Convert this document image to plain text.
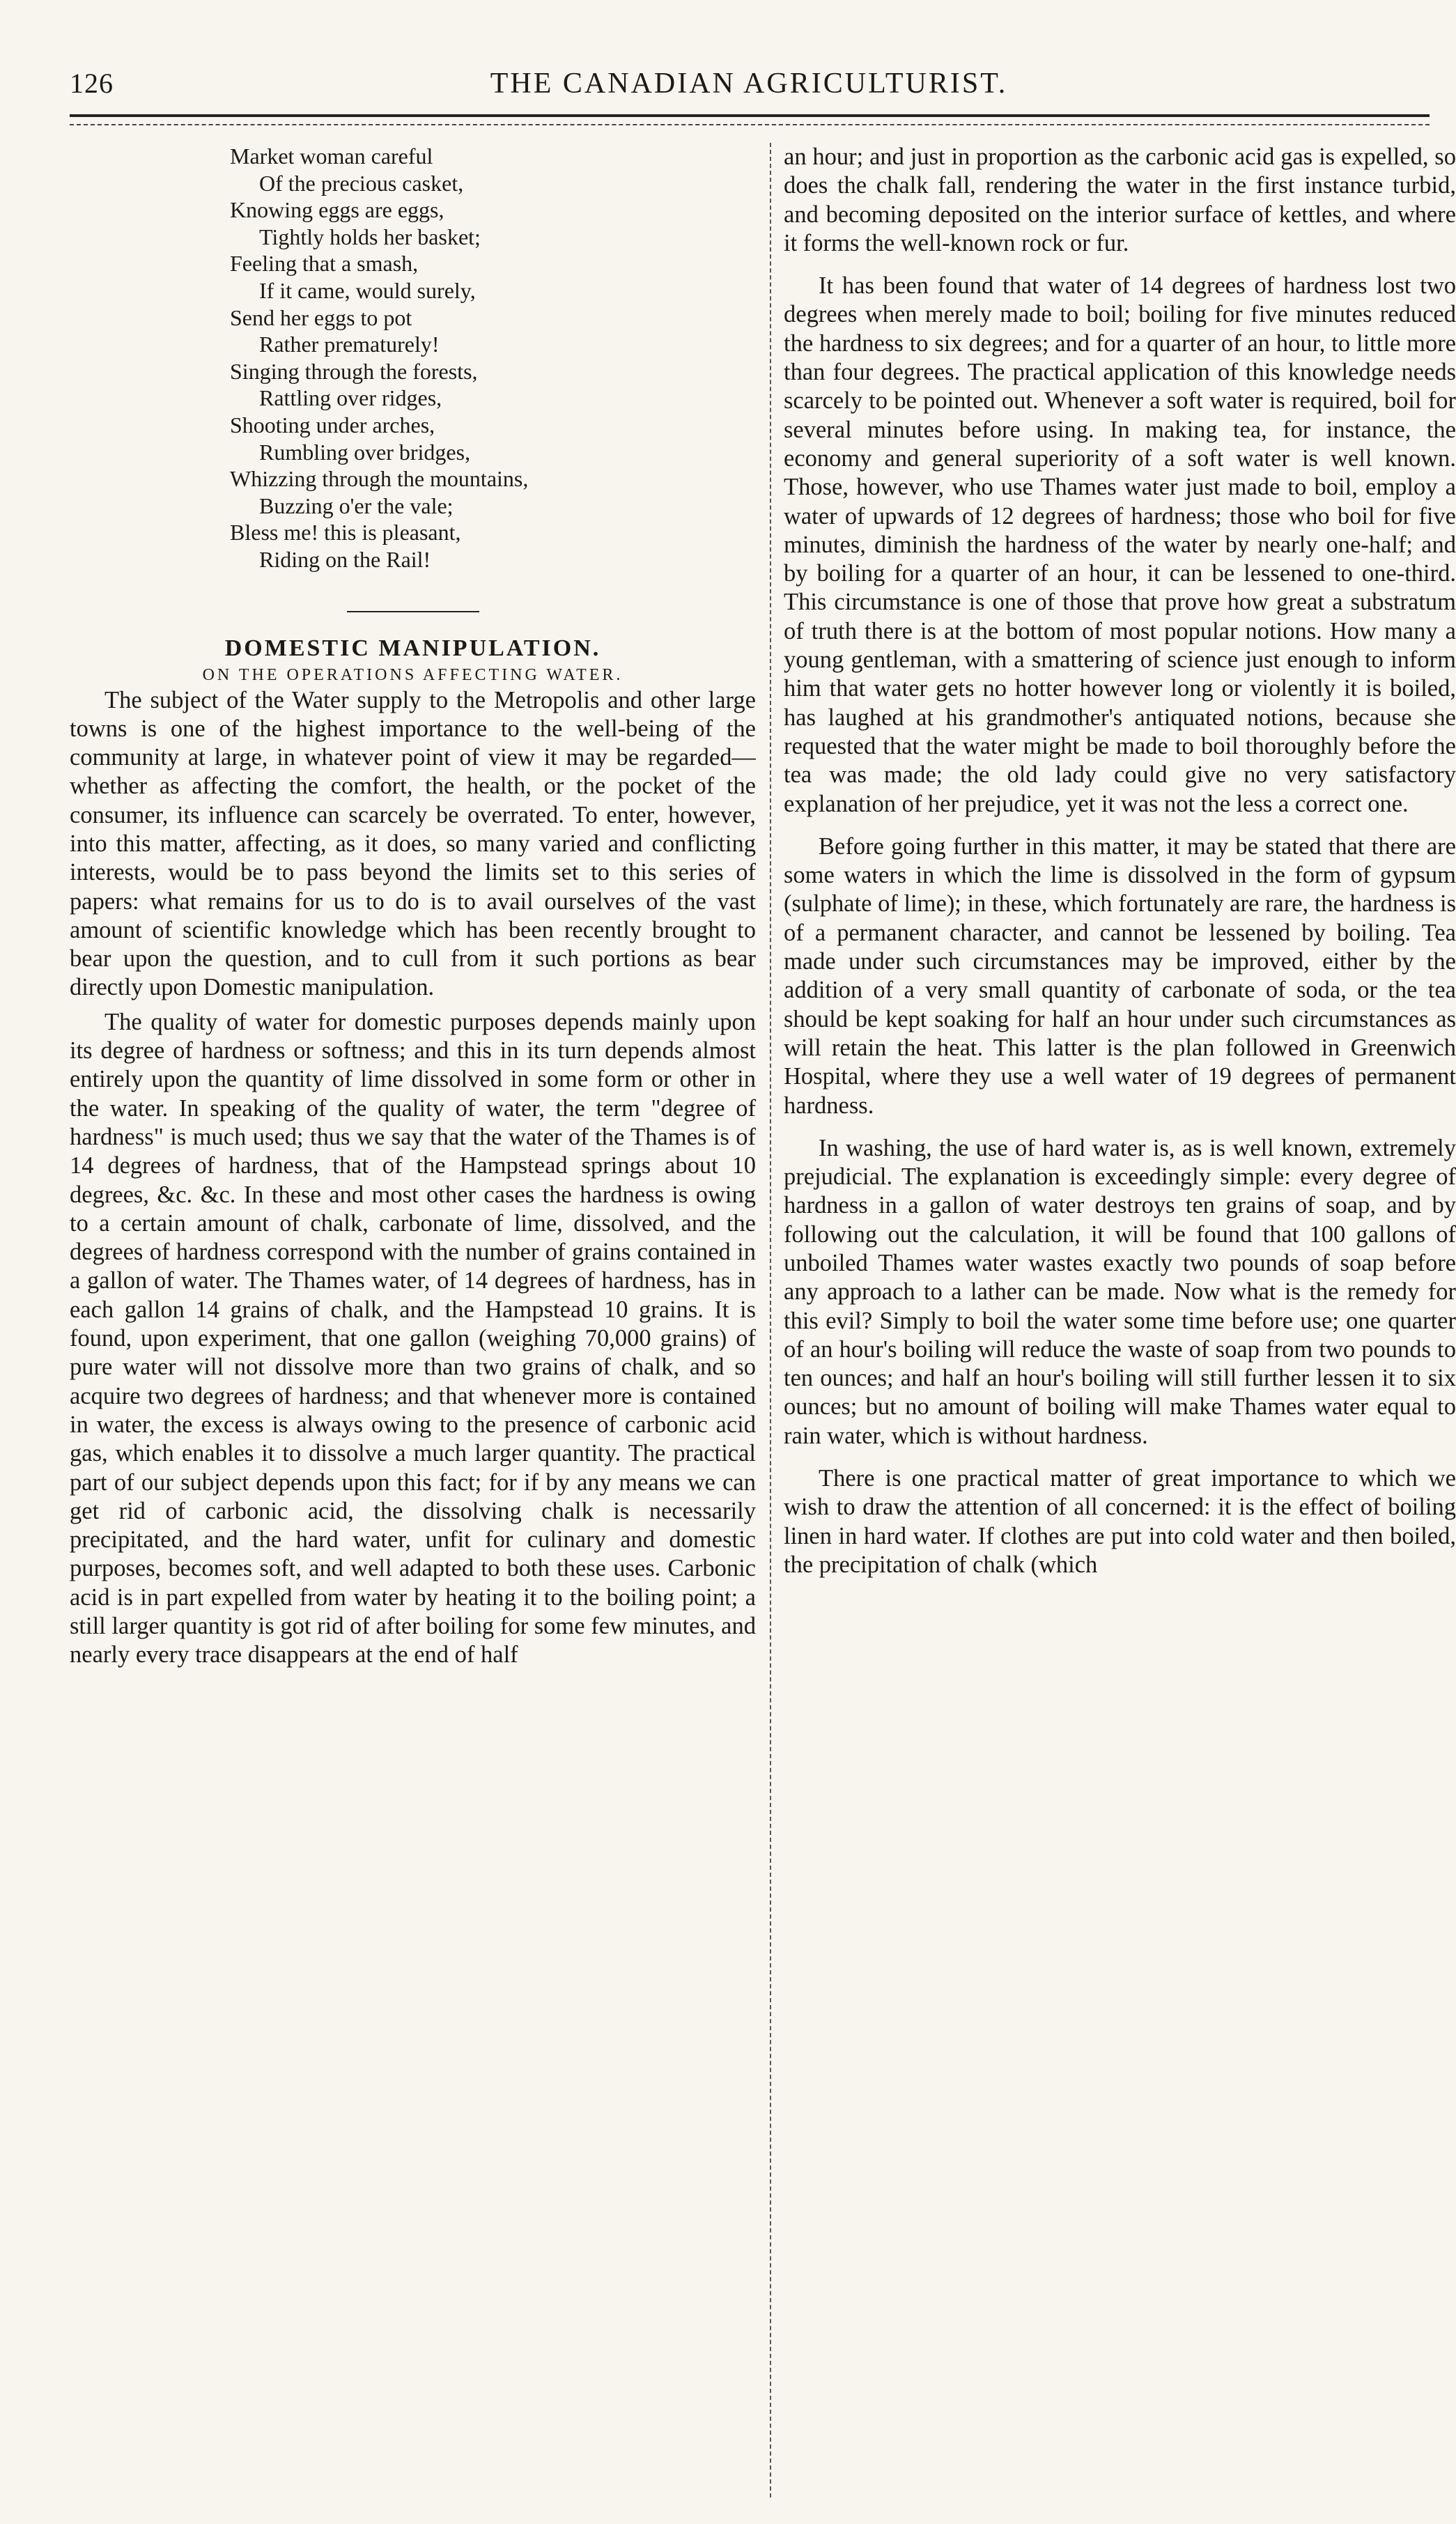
126	THE CANADIAN AGRICULTURIST.
Market woman careful
Of the precious casket,
Knowing eggs are eggs,
Tightly holds her basket;
Feeling that a smash,
If it came, would surely,
Send her eggs to pot
Rather prematurely!
Singing through the forests,
Rattling over ridges,
Shooting under arches,
Rumbling over bridges,
Whizzing through the mountains,
Buzzing o'er the vale;
Bless me! this is pleasant,
Riding on the Rail!
DOMESTIC MANIPULATION.

ON THE OPERATIONS AFFECTING WATER.

The subject of the Water supply to the Metropolis and other large towns is one of the highest importance to the well-being of the community at large, in whatever point of view it may be regarded—whether as affecting the comfort, the health, or the pocket of the consumer, its influence can scarcely be overrated. To enter, however, into this matter, affecting, as it does, so many varied and conflicting interests, would be to pass beyond the limits set to this series of papers: what remains for us to do is to avail ourselves of the vast amount of scientific knowledge which has been recently brought to bear upon the question, and to cull from it such portions as bear directly upon Domestic manipulation.

The quality of water for domestic purposes depends mainly upon its degree of hardness or softness; and this in its turn depends almost entirely upon the quantity of lime dissolved in some form or other in the water. In speaking of the quality of water, the term "degree of hardness" is much used; thus we say that the water of the Thames is of 14 degrees of hardness, that of the Hampstead springs about 10 degrees, &c. &c. In these and most other cases the hardness is owing to a certain amount of chalk, carbonate of lime, dissolved, and the degrees of hardness correspond with the number of grains contained in a gallon of water. The Thames water, of 14 degrees of hardness, has in each gallon 14 grains of chalk, and the Hampstead 10 grains. It is found, upon experiment, that one gallon (weighing 70,000 grains) of pure water will not dissolve more than two grains of chalk, and so acquire two degrees of hardness; and that whenever more is contained in water, the excess is always owing to the presence of carbonic acid gas, which enables it to dissolve a much larger quantity. The practical part of our subject depends upon this fact; for if by any means we can get rid of carbonic acid, the dissolving chalk is necessarily precipitated, and the hard water, unfit for culinary and domestic purposes, becomes soft, and well adapted to both these uses. Carbonic acid is in part expelled from water by heating it to the boiling point; a still larger quantity is got rid of after boiling for some few minutes, and nearly every trace disappears at the end of half

an hour; and just in proportion as the carbonic acid gas is expelled, so does the chalk fall, rendering the water in the first instance turbid, and becoming deposited on the interior surface of kettles, and where it forms the well-known rock or fur.

It has been found that water of 14 degrees of hardness lost two degrees when merely made to boil; boiling for five minutes reduced the hardness to six degrees; and for a quarter of an hour, to little more than four degrees. The practical application of this knowledge needs scarcely to be pointed out. Whenever a soft water is required, boil for several minutes before using. In making tea, for instance, the economy and general superiority of a soft water is well known. Those, however, who use Thames water just made to boil, employ a water of upwards of 12 degrees of hardness; those who boil for five minutes, diminish the hardness of the water by nearly one-half; and by boiling for a quarter of an hour, it can be lessened to one-third. This circumstance is one of those that prove how great a substratum of truth there is at the bottom of most popular notions. How many a young gentleman, with a smattering of science just enough to inform him that water gets no hotter however long or violently it is boiled, has laughed at his grandmother's antiquated notions, because she requested that the water might be made to boil thoroughly before the tea was made; the old lady could give no very satisfactory explanation of her prejudice, yet it was not the less a correct one.

Before going further in this matter, it may be stated that there are some waters in which the lime is dissolved in the form of gypsum (sulphate of lime); in these, which fortunately are rare, the hardness is of a permanent character, and cannot be lessened by boiling. Tea made under such circumstances may be improved, either by the addition of a very small quantity of carbonate of soda, or the tea should be kept soaking for half an hour under such circumstances as will retain the heat. This latter is the plan followed in Greenwich Hospital, where they use a well water of 19 degrees of permanent hardness.

In washing, the use of hard water is, as is well known, extremely prejudicial. The explanation is exceedingly simple: every degree of hardness in a gallon of water destroys ten grains of soap, and by following out the calculation, it will be found that 100 gallons of unboiled Thames water wastes exactly two pounds of soap before any approach to a lather can be made. Now what is the remedy for this evil? Simply to boil the water some time before use; one quarter of an hour's boiling will reduce the waste of soap from two pounds to ten ounces; and half an hour's boiling will still further lessen it to six ounces; but no amount of boiling will make Thames water equal to rain water, which is without hardness.

There is one practical matter of great importance to which we wish to draw the attention of all concerned: it is the effect of boiling linen in hard water. If clothes are put into cold water and then boiled, the precipitation of chalk (which
